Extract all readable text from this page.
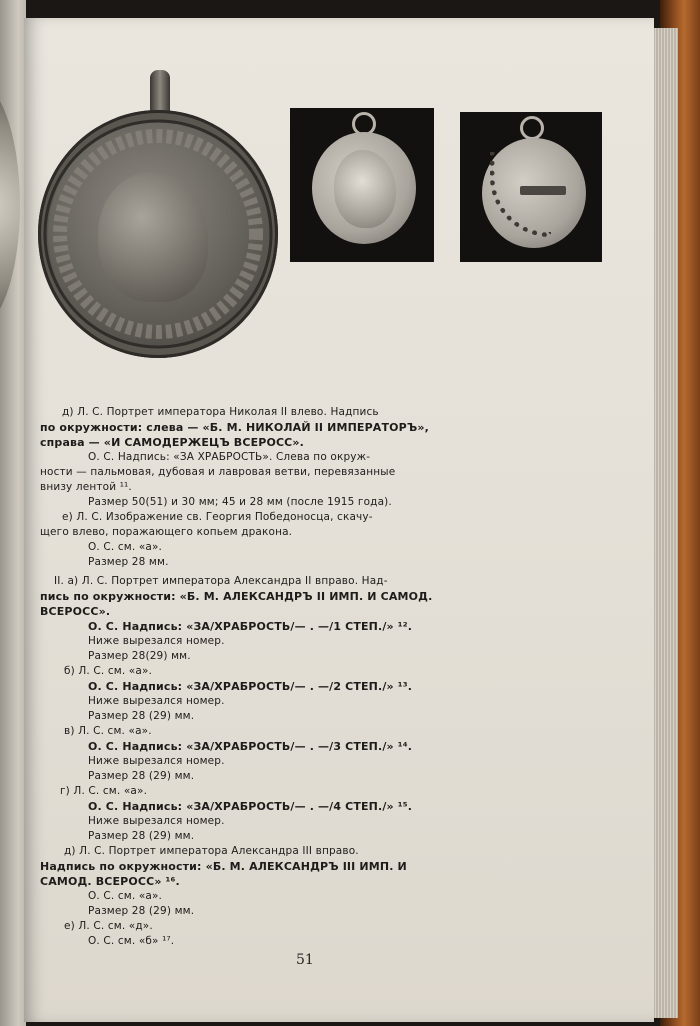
д) Л. С. Портрет императора Николая II влево. Надпись
по окружности: слева — «Б. М. НИКОЛАЙ II ИМПЕРАТОРЪ»,
справа — «И САМОДЕРЖЕЦЪ ВСЕРОСС».
О. С. Надпись: «ЗА ХРАБРОСТЬ». Слева по окруж-
ности — пальмовая, дубовая и лавровая ветви, перевязанные
внизу лентой ¹¹.
Размер 50(51) и 30 мм; 45 и 28 мм (после 1915 года).
е) Л. С. Изображение св. Георгия Победоносца, скачу-
щего влево, поражающего копьем дракона.
О. С. см. «а».
Размер 28 мм.
II. а) Л. С. Портрет императора Александра II вправо. Над-
пись по окружности: «Б. М. АЛЕКСАНДРЪ II ИМП. И САМОД.
ВСЕРОСС».
О. С. Надпись: «ЗА/ХРАБРОСТЬ/— . —/1 СТЕП./» ¹².
Ниже вырезался номер.
Размер 28(29) мм.
б) Л. С. см. «а».
О. С. Надпись: «ЗА/ХРАБРОСТЬ/— . —/2 СТЕП./» ¹³.
Ниже вырезался номер.
Размер 28 (29) мм.
в) Л. С. см. «а».
О. С. Надпись: «ЗА/ХРАБРОСТЬ/— . —/3 СТЕП./» ¹⁴.
Ниже вырезался номер.
Размер 28 (29) мм.
г) Л. С. см. «а».
О. С. Надпись: «ЗА/ХРАБРОСТЬ/— . —/4 СТЕП./» ¹⁵.
Ниже вырезался номер.
Размер 28 (29) мм.
д) Л. С. Портрет императора Александра III вправо.
Надпись по окружности: «Б. М. АЛЕКСАНДРЪ III ИМП. И
САМОД. ВСЕРОСС» ¹⁶.
О. С. см. «а».
Размер 28 (29) мм.
е) Л. С. см. «д».
О. С. см. «б» ¹⁷.
51
